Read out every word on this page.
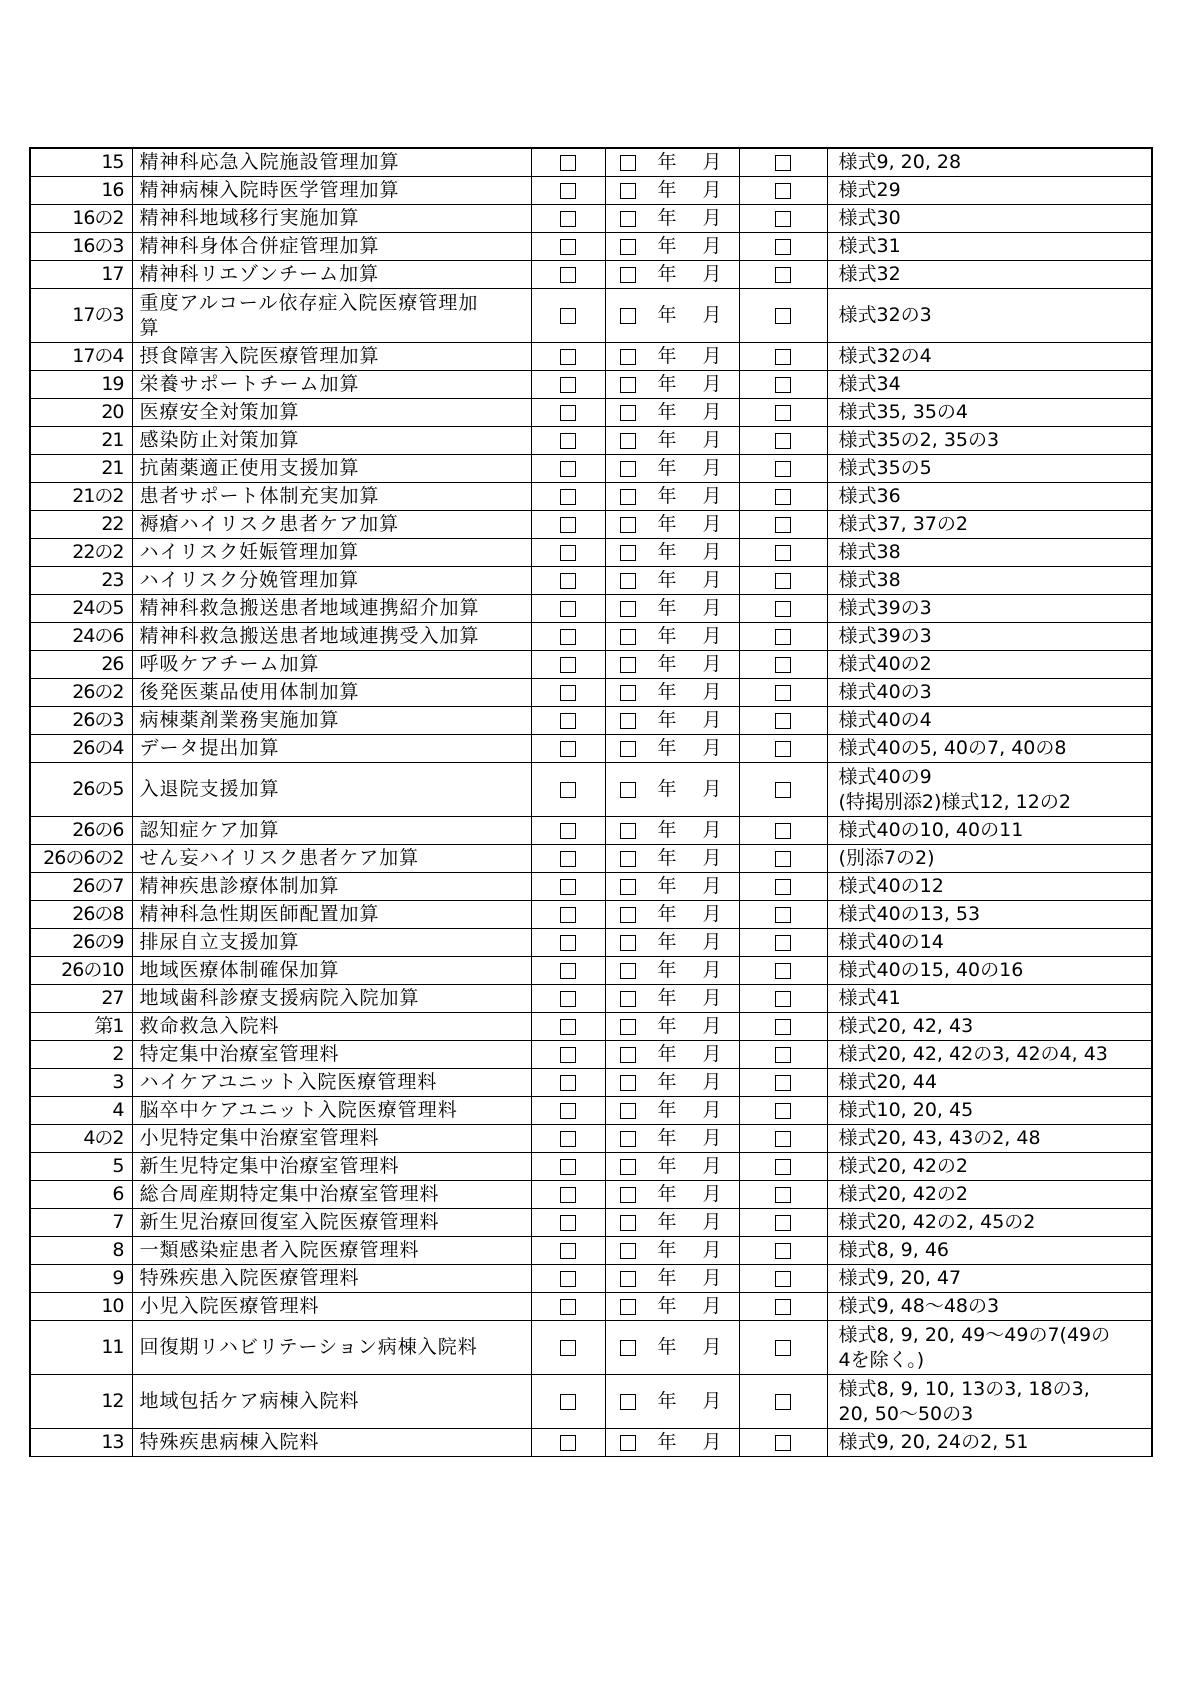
15	精神科応急入院施設管理加算		年 月		様式9, 20, 28

16	精神病棟入院時医学管理加算		年 月		様式29

16の2	精神科地域移行実施加算		年 月		様式30

16の3	精神科身体合併症管理加算		年 月		様式31

17	精神科リエゾンチーム加算		年 月		様式32

17の3	重度アルコール依存症入院医療管理加
算		年 月		様式32の3

17の4	摂食障害入院医療管理加算		年 月		様式32の4

19	栄養サポートチーム加算		年 月		様式34

20	医療安全対策加算		年 月		様式35, 35の4

21	感染防止対策加算		年 月		様式35の2, 35の3

21	抗菌薬適正使用支援加算		年 月		様式35の5

21の2	患者サポート体制充実加算		年 月		様式36

22	褥瘡ハイリスク患者ケア加算		年 月		様式37, 37の2

22の2	ハイリスク妊娠管理加算		年 月		様式38

23	ハイリスク分娩管理加算		年 月		様式38

24の5	精神科救急搬送患者地域連携紹介加算		年 月		様式39の3

24の6	精神科救急搬送患者地域連携受入加算		年 月		様式39の3

26	呼吸ケアチーム加算		年 月		様式40の2

26の2	後発医薬品使用体制加算		年 月		様式40の3

26の3	病棟薬剤業務実施加算		年 月		様式40の4

26の4	データ提出加算		年 月		様式40の5, 40の7, 40の8

26の5	入退院支援加算		年 月		様式40の9
(特掲別添2)様式12, 12の2

26の6	認知症ケア加算		年 月		様式40の10, 40の11

26の6の2	せん妄ハイリスク患者ケア加算		年 月		(別添7の2)

26の7	精神疾患診療体制加算		年 月		様式40の12

26の8	精神科急性期医師配置加算		年 月		様式40の13, 53

26の9	排尿自立支援加算		年 月		様式40の14

26の10	地域医療体制確保加算		年 月		様式40の15, 40の16

27	地域歯科診療支援病院入院加算		年 月		様式41

第1	救命救急入院料		年 月		様式20, 42, 43

2	特定集中治療室管理料		年 月		様式20, 42, 42の3, 42の4, 43

3	ハイケアユニット入院医療管理料		年 月		様式20, 44

4	脳卒中ケアユニット入院医療管理料		年 月		様式10, 20, 45

4の2	小児特定集中治療室管理料		年 月		様式20, 43, 43の2, 48

5	新生児特定集中治療室管理料		年 月		様式20, 42の2

6	総合周産期特定集中治療室管理料		年 月		様式20, 42の2

7	新生児治療回復室入院医療管理料		年 月		様式20, 42の2, 45の2

8	一類感染症患者入院医療管理料		年 月		様式8, 9, 46

9	特殊疾患入院医療管理料		年 月		様式9, 20, 47

10	小児入院医療管理料		年 月		様式9, 48〜48の3

11	回復期リハビリテーション病棟入院料		年 月		様式8, 9, 20, 49〜49の7(49の
4を除く。)

12	地域包括ケア病棟入院料		年 月		様式8, 9, 10, 13の3, 18の3,
20, 50〜50の3

13	特殊疾患病棟入院料		年 月		様式9, 20, 24の2, 51
